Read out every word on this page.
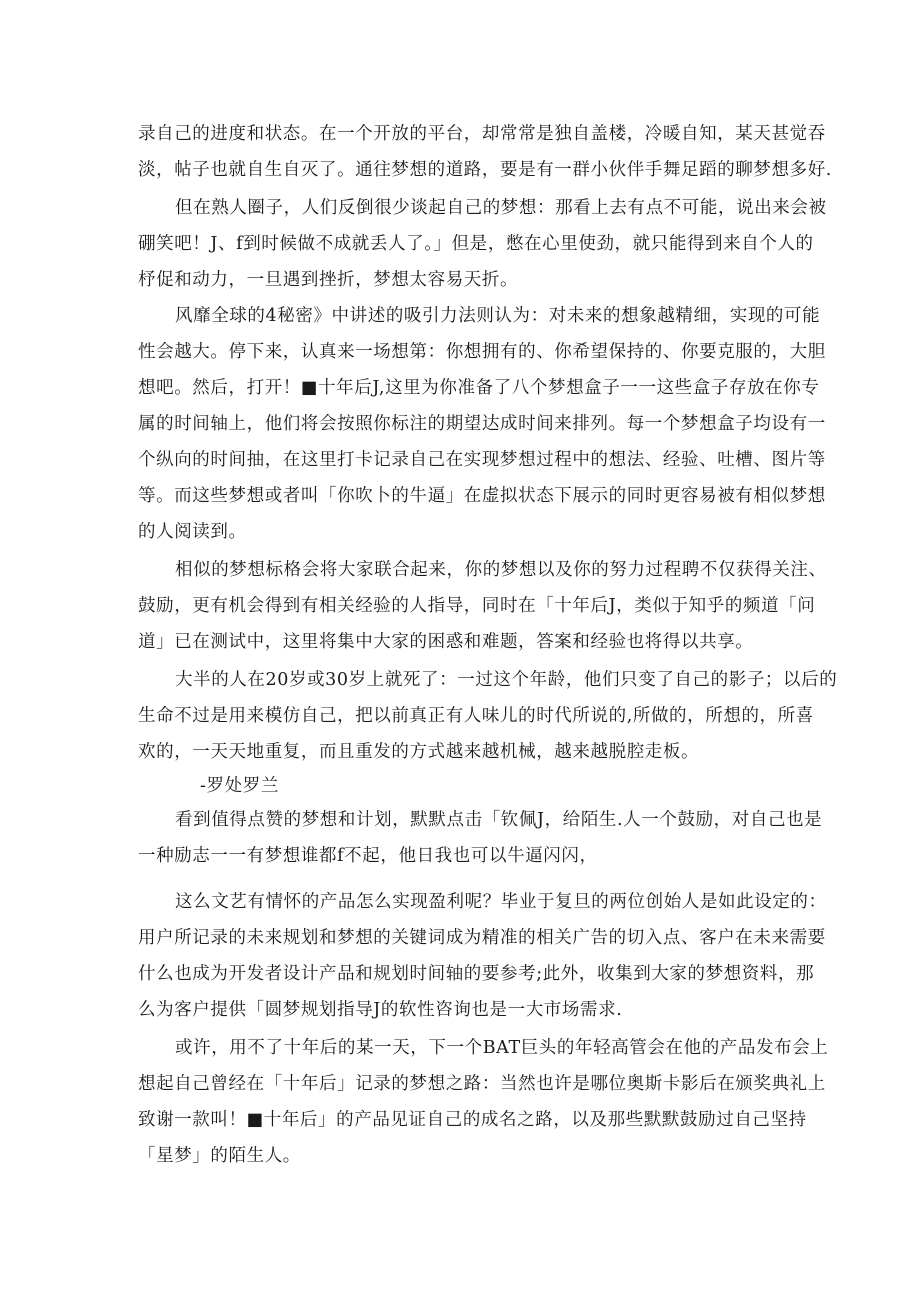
录自己的进度和状态。在一个开放的平台，却常常是独自盖楼，冷暖自知，某天甚觉吞
淡，帖子也就自生自灭了。通往梦想的道路，要是有一群小伙伴手舞足蹈的聊梦想多好.
但在熟人圈子，人们反倒很少谈起自己的梦想：那看上去有点不可能，说出来会被
硼笑吧！J、f到时候做不成就丢人了。」但是，憋在心里使劲，就只能得到来自个人的
杼促和动力，一旦遇到挫折，梦想太容易天折。
风靡全球的4秘密》中讲述的吸引力法则认为：对未来的想象越精细，实现的可能
性会越大。停下来，认真来一场想第：你想拥有的、你希望保持的、你要克服的，大胆
想吧。然后，打开！■十年后J,这里为你准备了八个梦想盒子一一这些盒子存放在你专
属的时间轴上，他们将会按照你标注的期望达成时间来排列。每一个梦想盒子均设有一
个纵向的时间抽，在这里打卡记录自己在实现梦想过程中的想法、经验、吐槽、图片等
等。而这些梦想或者叫「你吹卜的牛逼」在虚拟状态下展示的同时更容易被有相似梦想
的人阅读到。
相似的梦想标格会将大家联合起来，你的梦想以及你的努力过程聘不仅获得关注、
鼓励，更有机会得到有相关经验的人指导，同时在「十年后J，类似于知乎的频道「问
道」已在测试中，这里将集中大家的困惑和难题，答案和经验也将得以共享。
大半的人在20岁或30岁上就死了：一过这个年龄，他们只变了自己的影子；以后的
生命不过是用来模仿自己，把以前真正有人味儿的时代所说的,所做的，所想的，所喜
欢的，一天天地重复，而且重发的方式越来越机械，越来越脱腔走板。
-罗处罗兰
看到值得点赞的梦想和计划，默默点击「钦佩J，给陌生.人一个鼓励，对自己也是
一种励志一一有梦想谁都f不起，他日我也可以牛逼闪闪，
这么文艺有情怀的产品怎么实现盈利呢？毕业于复旦的两位创始人是如此设定的：
用户所记录的未来规划和梦想的关键词成为精准的相关广告的切入点、客户在未来需要
什么也成为开发者设计产品和规划时间轴的要参考;此外，收集到大家的梦想资料，那
么为客户提供「圆梦规划指导J的软性咨询也是一大市场需求.
或许，用不了十年后的某一天，下一个BAT巨头的年轻高管会在他的产品发布会上
想起自己曾经在「十年后」记录的梦想之路：当然也许是哪位奥斯卡影后在颁奖典礼上
致谢一款叫！■十年后」的产品见证自己的成名之路，以及那些默默鼓励过自己坚持
「星梦」的陌生人。
